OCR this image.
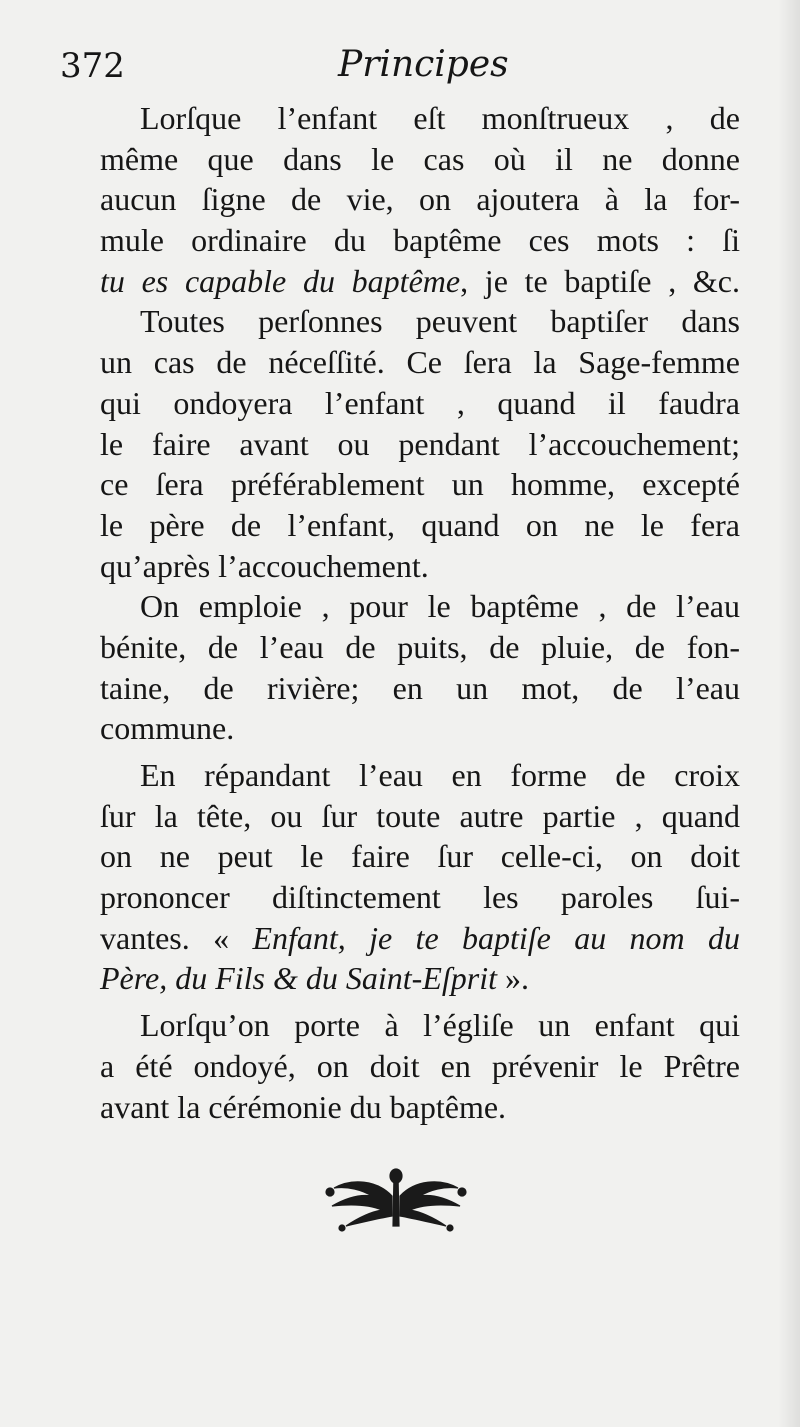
372	Principes
Lorſque l’enfant eſt monſtrueux , de
même que dans le cas où il ne donne
aucun ſigne de vie, on ajoutera à la for-
mule ordinaire du baptême ces mots : ſi
tu es capable du baptême, je te baptiſe , &c.
Toutes perſonnes peuvent baptiſer dans
un cas de néceſſité. Ce ſera la Sage-femme
qui ondoyera l’enfant , quand il faudra
le faire avant ou pendant l’accouchement;
ce ſera préférablement un homme, excepté
le père de l’enfant, quand on ne le fera
qu’après l’accouchement.
On emploie , pour le baptême , de l’eau
bénite, de l’eau de puits, de pluie, de fon-
taine, de rivière; en un mot, de l’eau
commune.
En répandant l’eau en forme de croix
ſur la tête, ou ſur toute autre partie , quand
on ne peut le faire ſur celle-ci, on doit
prononcer diſtinctement les paroles ſui-
vantes. « Enfant, je te baptiſe au nom du
Père, du Fils & du Saint-Eſprit ».
Lorſqu’on porte à l’égliſe un enfant qui
a été ondoyé, on doit en prévenir le Prêtre
avant la cérémonie du baptême.
